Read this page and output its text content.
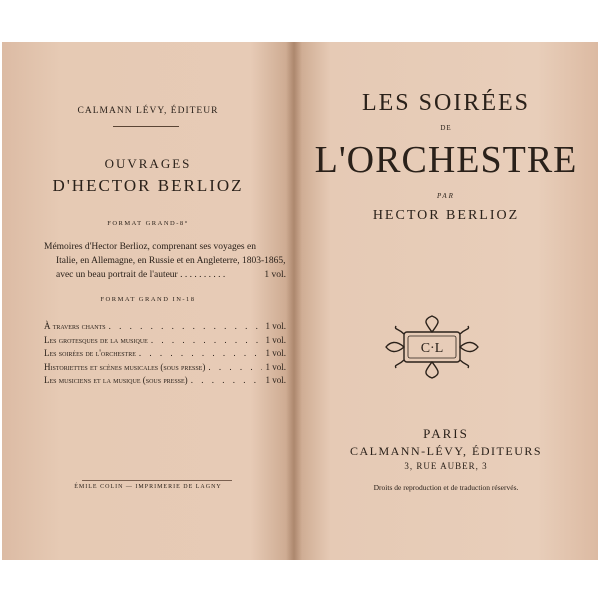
CALMANN LÉVY, ÉDITEUR
OUVRAGES
D'HECTOR BERLIOZ
FORMAT GRAND-8°
Mémoires d'Hector Berlioz, comprenant ses voyages en
Italie, en Allemagne, en Russie et en Angleterre, 1803-1865,
avec un beau portrait de l'auteur . . . . . . . . . .	1 vol.
FORMAT GRAND IN-18
À travers chants . . .	1 vol.
Les grotesques de la musique . . .	1 vol.
Les soirées de l'orchestre . . .	1 vol.
Historiettes et scènes musicales (sous presse) . . .	1 vol.
Les musiciens et la musique (sous presse) . . .	1 vol.
ÉMILE COLIN — IMPRIMERIE DE LAGNY
LES SOIRÉES
DE
L'ORCHESTRE
PAR
HECTOR BERLIOZ
C·L
PARIS
CALMANN-LÉVY, ÉDITEURS
3, RUE AUBER, 3
Droits de reproduction et de traduction réservés.
